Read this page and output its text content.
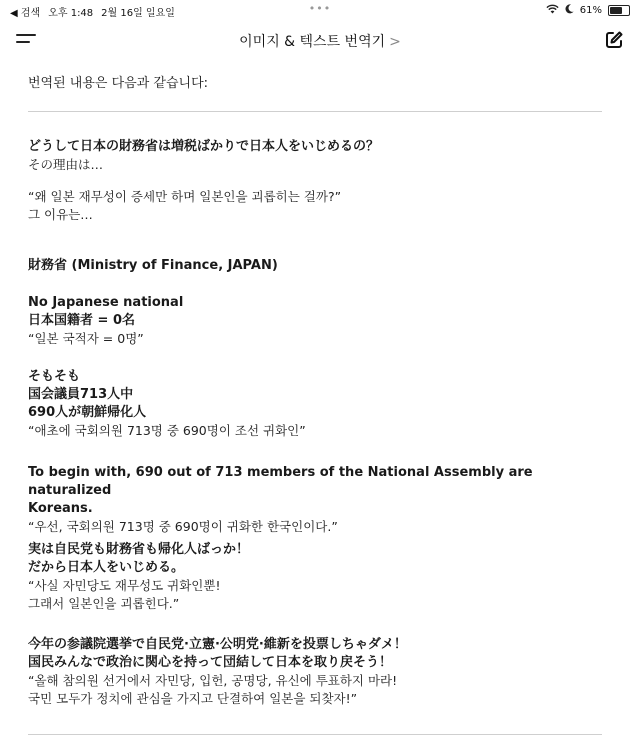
◀ 검색 오후 1:48 2월 16일 일요일	•••	61%
이미지 & 텍스트 번역기 >

번역된 내용은 다음과 같습니다:

どうして日本の財務省は増税ばかりで日本人をいじめるの？

その理由は…

“왜 일본 재무성이 증세만 하며 일본인을 괴롭히는 걸까?”

그 이유는…

財務省 (Ministry of Finance, JAPAN)

No Japanese national

日本国籍者 = 0名

“일본 국적자 = 0명”

そもそも

国会議員713人中

690人が朝鮮帰化人

“애초에 국회의원 713명 중 690명이 조선 귀화인”

To begin with, 690 out of 713 members of the National Assembly are naturalized

Koreans.

“우선, 국회의원 713명 중 690명이 귀화한 한국인이다.”

実は自民党も財務省も帰化人ばっか！

だから日本人をいじめる。

“사실 자민당도 재무성도 귀화인뿐!

그래서 일본인을 괴롭힌다.”

今年の参議院選挙で自民党·立憲·公明党·維新を投票しちゃダメ！

国民みんなで政治に関心を持って団結して日本を取り戻そう！

“올해 참의원 선거에서 자민당, 입헌, 공명당, 유신에 투표하지 마라!

국민 모두가 정치에 관심을 가지고 단결하여 일본을 되찾자!”
